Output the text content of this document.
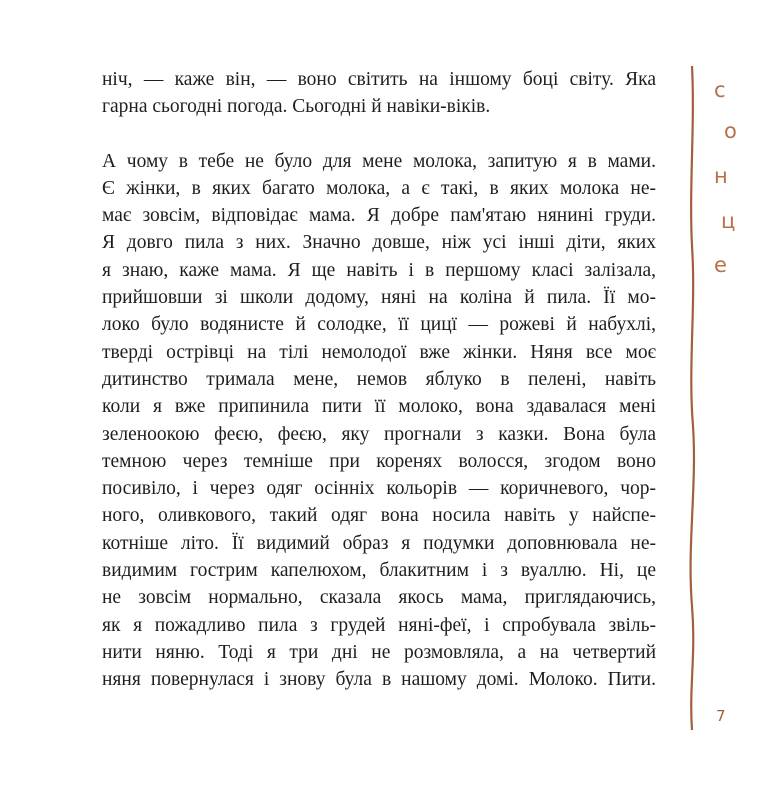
ніч, — каже він, — воно світить на іншому боці світу. Яка
гарна сьогодні погода. Сьогодні й навіки-віків.

А чому в тебе не було для мене молока, запитую я в мами.
Є жінки, в яких багато молока, а є такі, в яких молока не-
має зовсім, відповідає мама. Я добре пам'ятаю нянині груди.
Я довго пила з них. Значно довше, ніж усі інші діти, яких
я знаю, каже мама. Я ще навіть і в першому класі залізала,
прийшовши зі школи додому, няні на коліна й пила. Її мо-
локо було водянисте й солодке, її цицї — рожеві й набухлі,
тверді острівці на тілі немолодої вже жінки. Няня все моє
дитинство тримала мене, немов яблуко в пелені, навіть
коли я вже припинила пити її молоко, вона здавалася мені
зеленоокою феєю, феєю, яку прогнали з казки. Вона була
темною через темніше при коренях волосся, згодом воно
посивіло, і через одяг осінніх кольорів — коричневого, чор-
ного, оливкового, такий одяг вона носила навіть у найспе-
котніше літо. Її видимий образ я подумки доповнювала не-
видимим гострим капелюхом, блакитним і з вуаллю. Ні, це
не зовсім нормально, сказала якось мама, приглядаючись,
як я пожадливо пила з грудей няні-феї, і спробувала звіль-
нити няню. Тоді я три дні не розмовляла, а на четвертий
няня повернулася і знову була в нашому домі. Молоко. Пити.

с
о
н
ц
е
7
